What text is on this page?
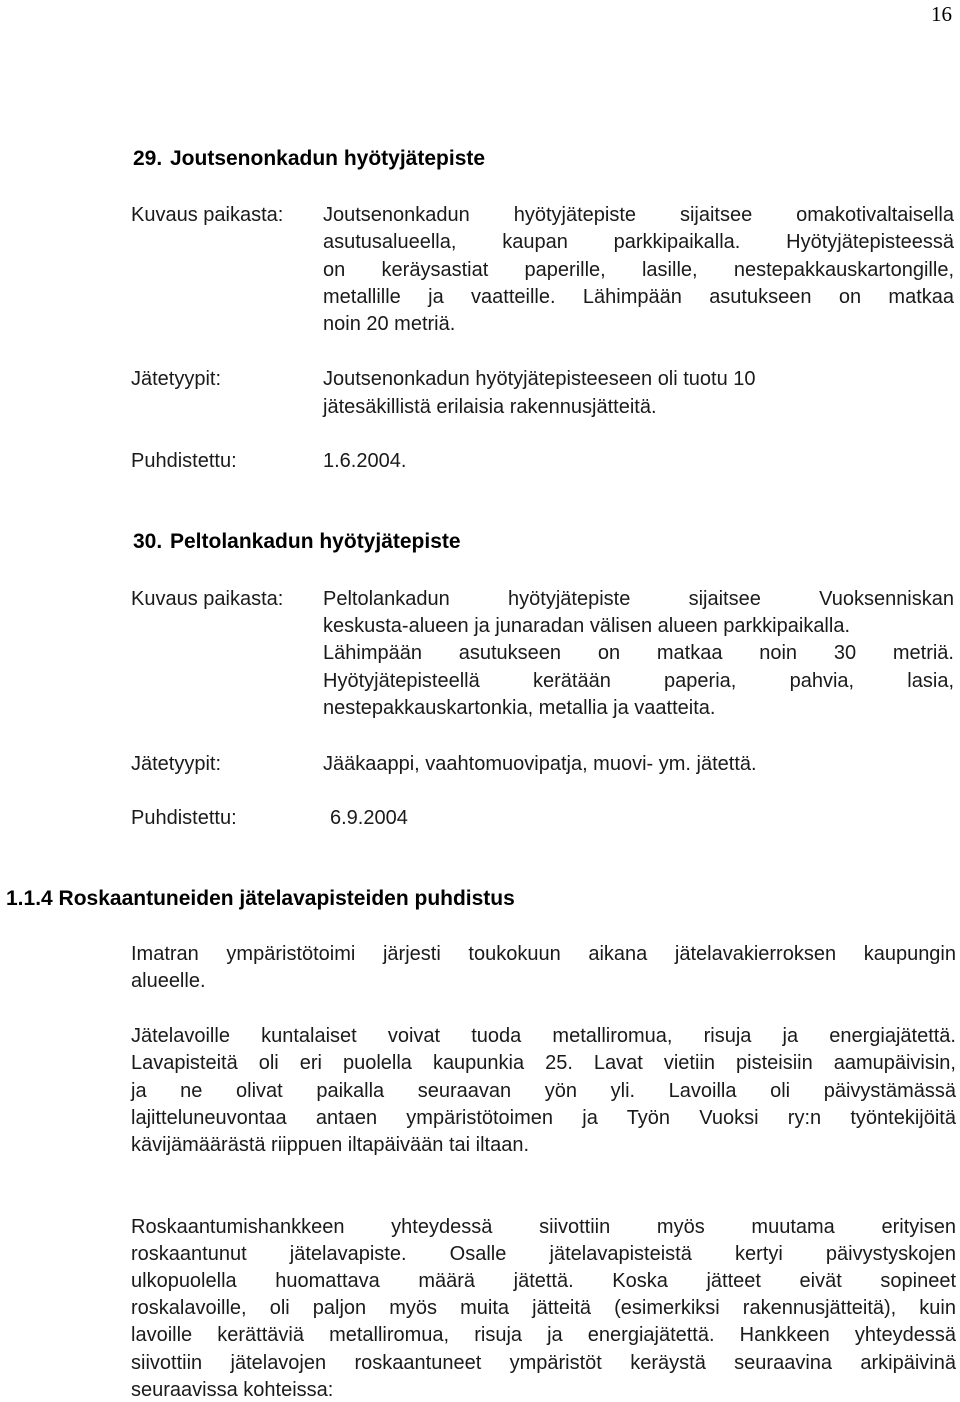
16
29. Joutsenonkadun hyötyjätepiste
Kuvaus paikasta: Joutsenonkadun hyötyjätepiste sijaitsee omakotivaltaisella
asutusalueella, kaupan parkkipaikalla. Hyötyjätepisteessä
on keräysastiat paperille, lasille, nestepakkauskartongille,
metallille ja vaatteille. Lähimpään asutukseen on matkaa
noin 20 metriä.
Jätetyypit:	Joutsenonkadun hyötyjätepisteeseen oli tuotu 10
jätesäkillistä erilaisia rakennusjätteitä.
Puhdistettu:	1.6.2004.
30. Peltolankadun hyötyjätepiste
Kuvaus paikasta: Peltolankadun hyötyjätepiste sijaitsee Vuoksenniskan
keskusta-alueen ja junaradan välisen alueen parkkipaikalla.
Lähimpään asutukseen on matkaa noin 30 metriä.
Hyötyjätepisteellä kerätään paperia, pahvia, lasia,
nestepakkauskartonkia, metallia ja vaatteita.
Jätetyypit:	Jääkaappi, vaahtomuovipatja, muovi- ym. jätettä.
Puhdistettu:	6.9.2004
1.1.4 Roskaantuneiden jätelavapisteiden puhdistus
Imatran ympäristötoimi järjesti toukokuun aikana jätelavakierroksen kaupungin
alueelle.
Jätelavoille kuntalaiset voivat tuoda metalliromua, risuja ja energiajätettä.
Lavapisteitä oli eri puolella kaupunkia 25. Lavat vietiin pisteisiin aamupäivisin,
ja ne olivat paikalla seuraavan yön yli. Lavoilla oli päivystämässä
lajitteluneuvontaa antaen ympäristötoimen ja Työn Vuoksi ry:n työntekijöitä
kävijämäärästä riippuen iltapäivään tai iltaan.
Roskaantumishankkeen yhteydessä siivottiin myös muutama erityisen
roskaantunut jätelavapiste. Osalle jätelavapisteistä kertyi päivystyskojen
ulkopuolella huomattava määrä jätettä. Koska jätteet eivät sopineet
roskalavoille, oli paljon myös muita jätteitä (esimerkiksi rakennusjätteitä), kuin
lavoille kerättäviä metalliromua, risuja ja energiajätettä. Hankkeen yhteydessä
siivottiin jätelavojen roskaantuneet ympäristöt keräystä seuraavina arkipäivinä
seuraavissa kohteissa:
